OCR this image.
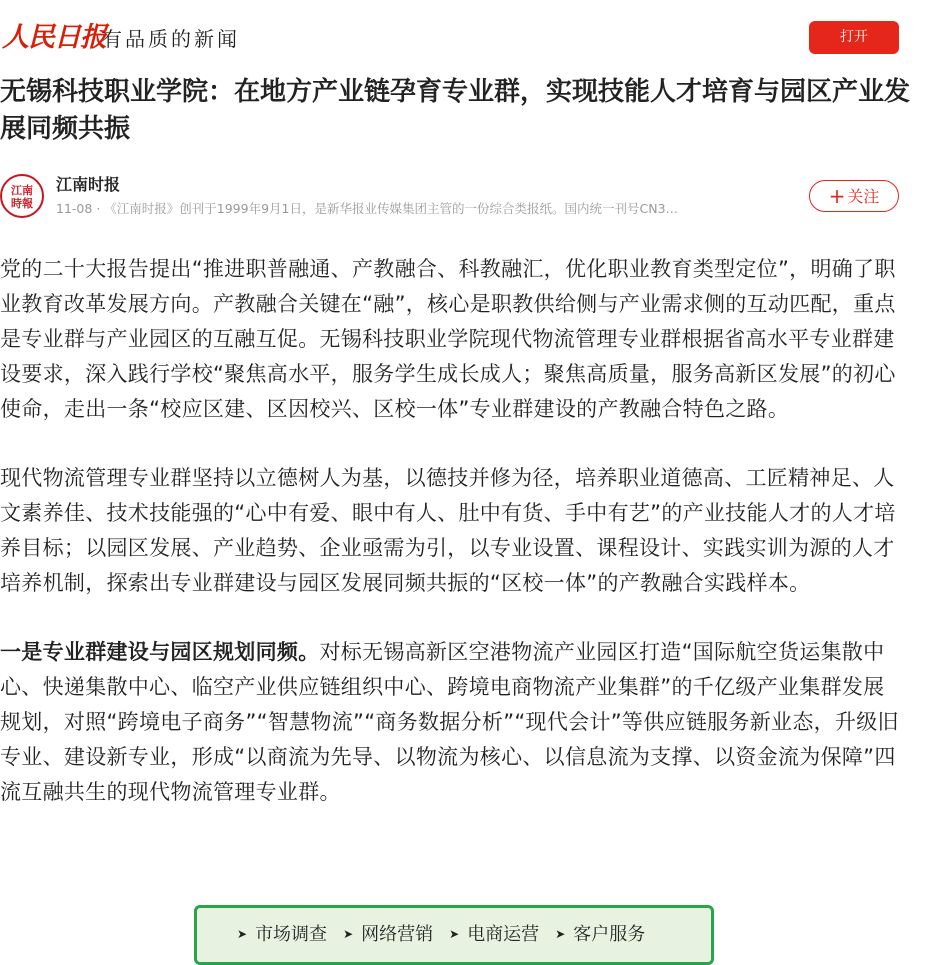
人民日报
有品质的新闻	打开
无锡科技职业学院：在地方产业链孕育专业群，实现技能人才培育与园区产业发展同频共振
江南
時報
江南时报
11-08 · 《江南时报》创刊于1999年9月1日，是新华报业传媒集团主管的一份综合类报纸。国内统一刊号CN3…
+ 关注

党的二十大报告提出“推进职普融通、产教融合、科教融汇，优化职业教育类型定位”，明确了职业教育改革发展方向。产教融合关键在“融”，核心是职教供给侧与产业需求侧的互动匹配，重点是专业群与产业园区的互融互促。无锡科技职业学院现代物流管理专业群根据省高水平专业群建设要求，深入践行学校“聚焦高水平，服务学生成长成人；聚焦高质量，服务高新区发展”的初心使命，走出一条“校应区建、区因校兴、区校一体”专业群建设的产教融合特色之路。

现代物流管理专业群坚持以立德树人为基，以德技并修为径，培养职业道德高、工匠精神足、人文素养佳、技术技能强的“心中有爱、眼中有人、肚中有货、手中有艺”的产业技能人才的人才培养目标；以园区发展、产业趋势、企业亟需为引，以专业设置、课程设计、实践实训为源的人才培养机制，探索出专业群建设与园区发展同频共振的“区校一体”的产教融合实践样本。

一是专业群建设与园区规划同频。对标无锡高新区空港物流产业园区打造“国际航空货运集散中心、快递集散中心、临空产业供应链组织中心、跨境电商物流产业集群”的千亿级产业集群发展规划，对照“跨境电子商务”“智慧物流”“商务数据分析”“现代会计”等供应链服务新业态，升级旧专业、建设新专业，形成“以商流为先导、以物流为核心、以信息流为支撑、以资金流为保障”四流互融共生的现代物流管理专业群。

➤ 市场调查	➤ 网络营销	➤ 电商运营	➤ 客户服务
